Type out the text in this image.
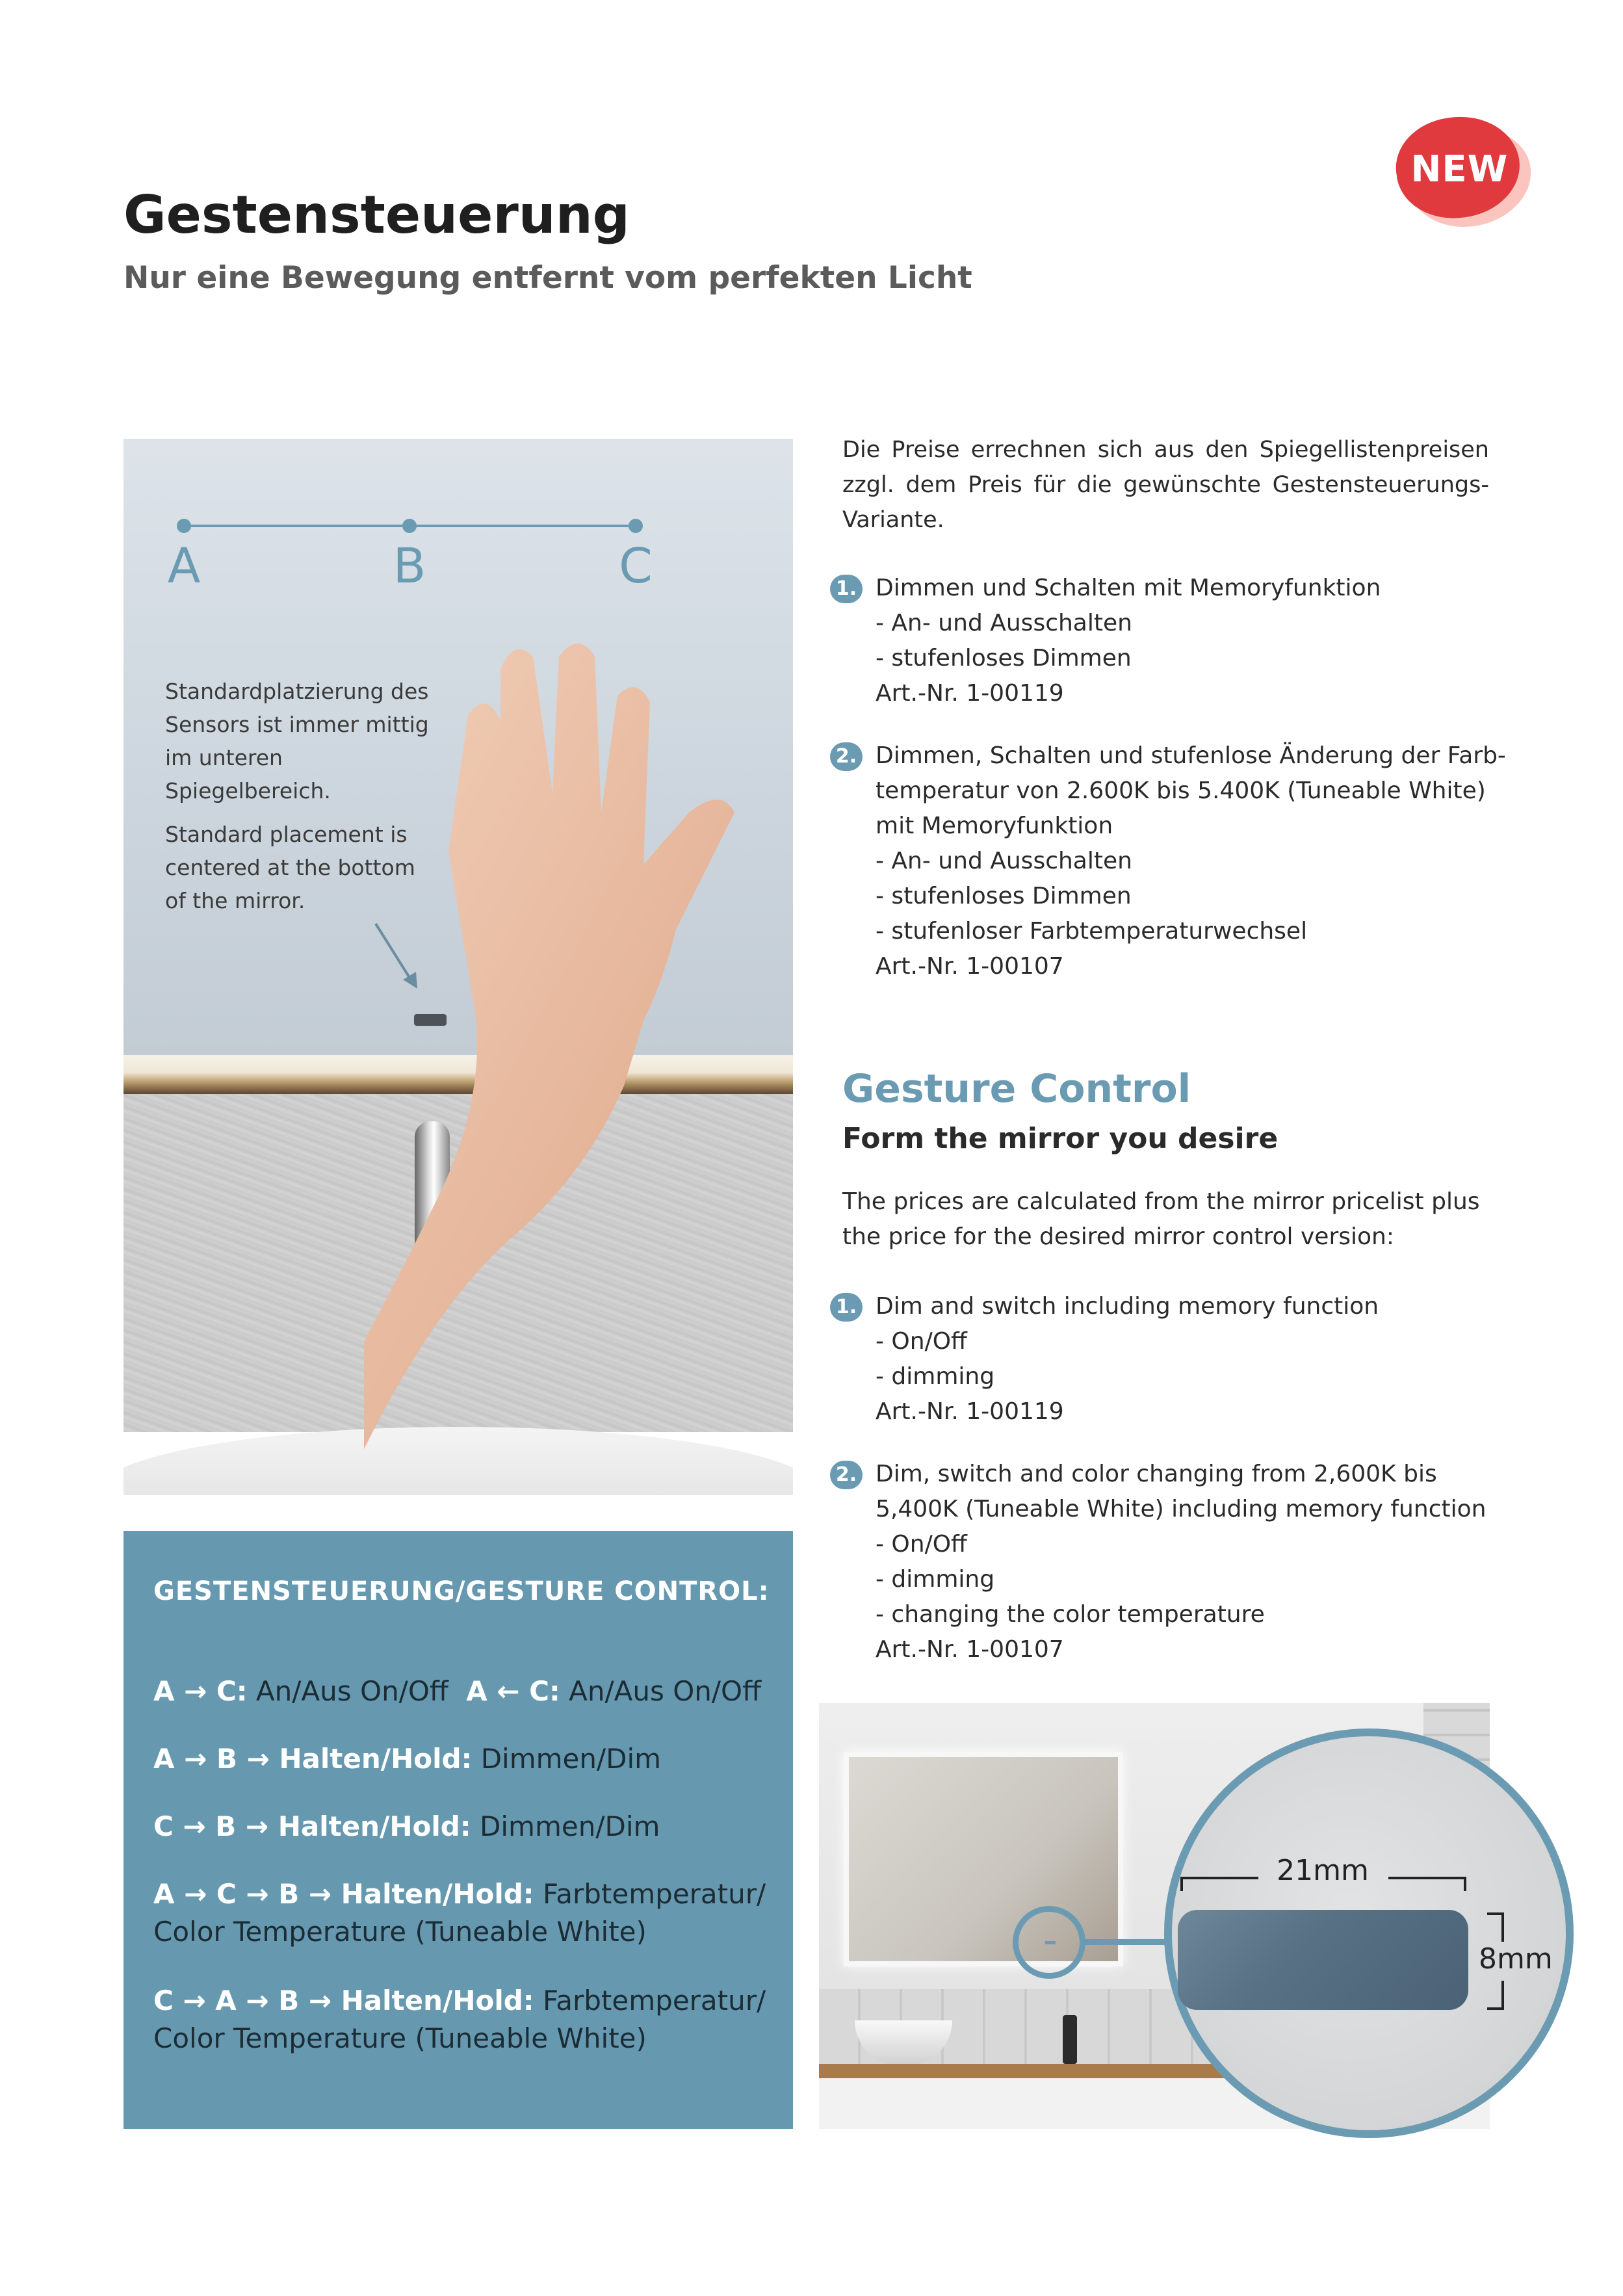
NEW
Gestensteuerung
Nur eine Bewegung entfernt vom perfekten Licht
A	B	C

Standardplatzierung des Sensors ist immer mittig im unteren Spiegelbereich.

Standard placement is centered at the bottom of the mirror.

GESTENSTEUERUNG/GESTURE CONTROL:
A → C: An/Aus On/Off A ← C: An/Aus On/Off
A → B → Halten/Hold: Dimmen/Dim
C → B → Halten/Hold: Dimmen/Dim
A → C → B → Halten/Hold: Farbtemperatur/
Color Temperature (Tuneable White)
C → A → B → Halten/Hold: Farbtemperatur/
Color Temperature (Tuneable White)

Die Preise errechnen sich aus den Spiegellistenpreisen zzgl. dem Preis für die gewünschte Gestensteuerungs-Variante.

1. Dimmen und Schalten mit Memoryfunktion
- An- und Ausschalten
- stufenloses Dimmen
Art.-Nr. 1-00119
2. Dimmen, Schalten und stufenlose Änderung der Farb-
temperatur von 2.600K bis 5.400K (Tuneable White)
mit Memoryfunktion
- An- und Ausschalten
- stufenloses Dimmen
- stufenloser Farbtemperaturwechsel
Art.-Nr. 1-00107
Gesture Control
Form the mirror you desire

The prices are calculated from the mirror pricelist plus the price for the desired mirror control version:

1. Dim and switch including memory function
- On/Off
- dimming
Art.-Nr. 1-00119
2. Dim, switch and color changing from 2,600K bis
5,400K (Tuneable White) including memory function
- On/Off
- dimming
- changing the color temperature
Art.-Nr. 1-00107
21mm
8mm
